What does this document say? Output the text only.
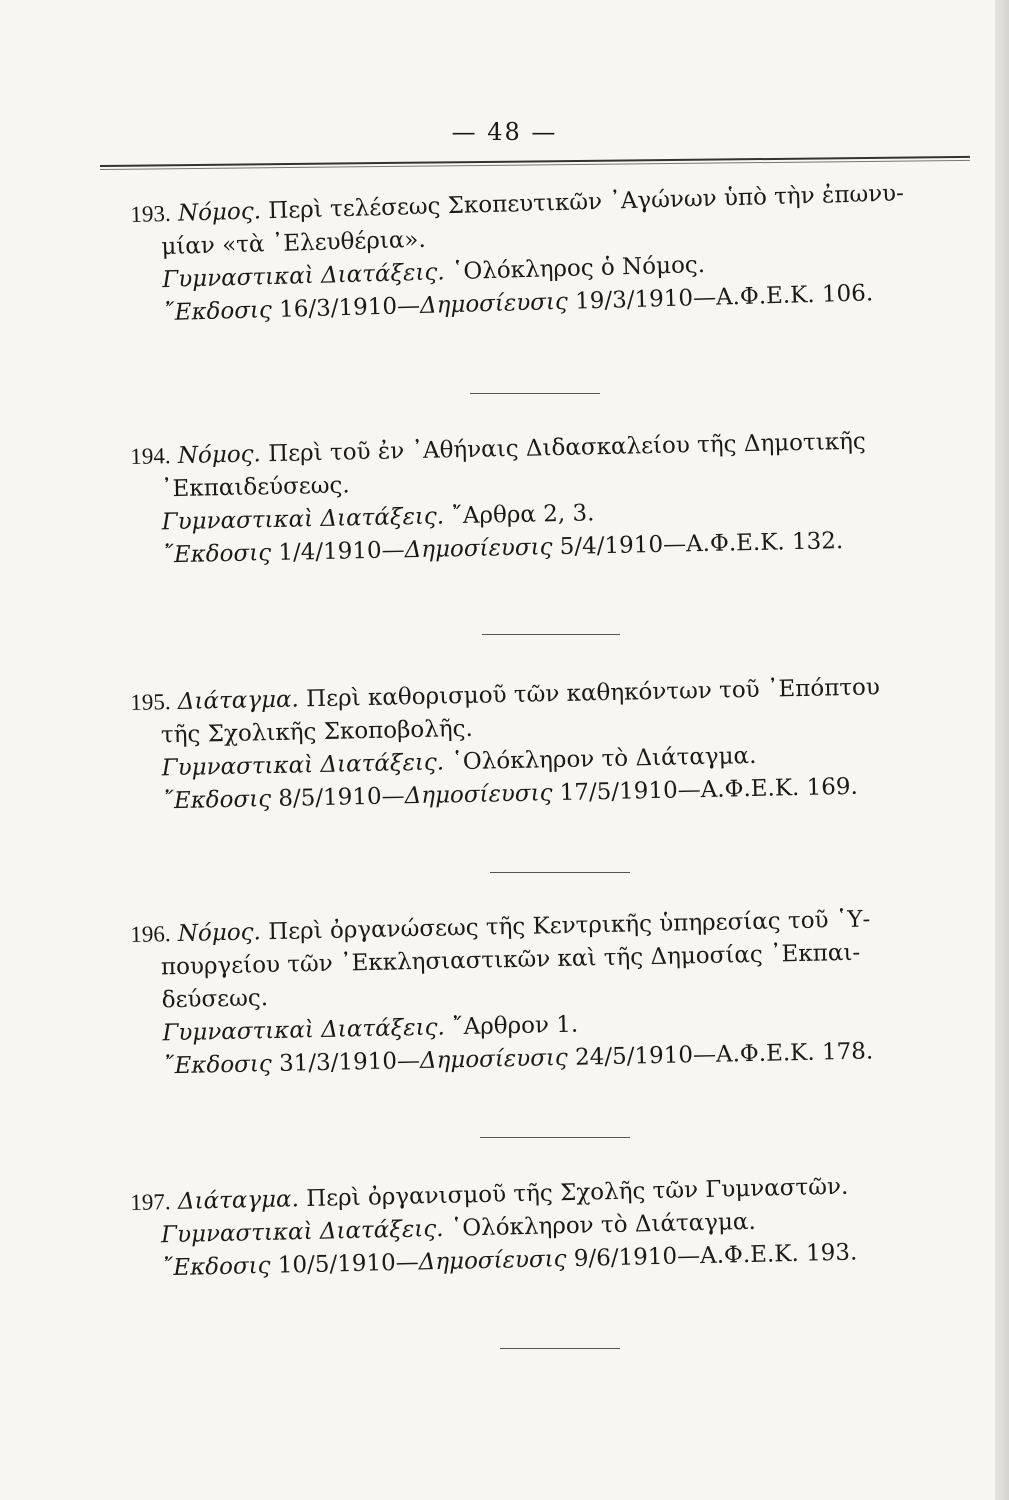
— 48 —
193. Νόμος. Περὶ τελέσεως Σκοπευτικῶν ᾿Αγώνων ὑπὸ τὴν ἐπωνυ-
μίαν «τὰ ᾿Ελευθέρια».
Γυμναστικαὶ Διατάξεις. ῾Ολόκληρος ὁ Νόμος.
῎Εκδοσις 16/3/1910—Δημοσίευσις 19/3/1910—Α.Φ.Ε.Κ. 106.
194. Νόμος. Περὶ τοῦ ἐν ᾿Αθήναις Διδασκαλείου τῆς Δημοτικῆς
᾿Εκπαιδεύσεως.
Γυμναστικαὶ Διατάξεις. ῎Αρθρα 2, 3.
῎Εκδοσις 1/4/1910—Δημοσίευσις 5/4/1910—Α.Φ.Ε.Κ. 132.
195. Διάταγμα. Περὶ καθορισμοῦ τῶν καθηκόντων τοῦ ᾿Επόπτου
τῆς Σχολικῆς Σκοποβολῆς.
Γυμναστικαὶ Διατάξεις. ῾Ολόκληρον τὸ Διάταγμα.
῎Εκδοσις 8/5/1910—Δημοσίευσις 17/5/1910—Α.Φ.Ε.Κ. 169.
196. Νόμος. Περὶ ὀργανώσεως τῆς Κεντρικῆς ὑπηρεσίας τοῦ ῾Υ-
πουργείου τῶν ᾿Εκκλησιαστικῶν καὶ τῆς Δημοσίας ᾿Εκπαι-
δεύσεως.
Γυμναστικαὶ Διατάξεις. ῎Αρθρον 1.
῎Εκδοσις 31/3/1910—Δημοσίευσις 24/5/1910—Α.Φ.Ε.Κ. 178.
197. Διάταγμα. Περὶ ὀργανισμοῦ τῆς Σχολῆς τῶν Γυμναστῶν.
Γυμναστικαὶ Διατάξεις. ῾Ολόκληρον τὸ Διάταγμα.
῎Εκδοσις 10/5/1910—Δημοσίευσις 9/6/1910—Α.Φ.Ε.Κ. 193.
